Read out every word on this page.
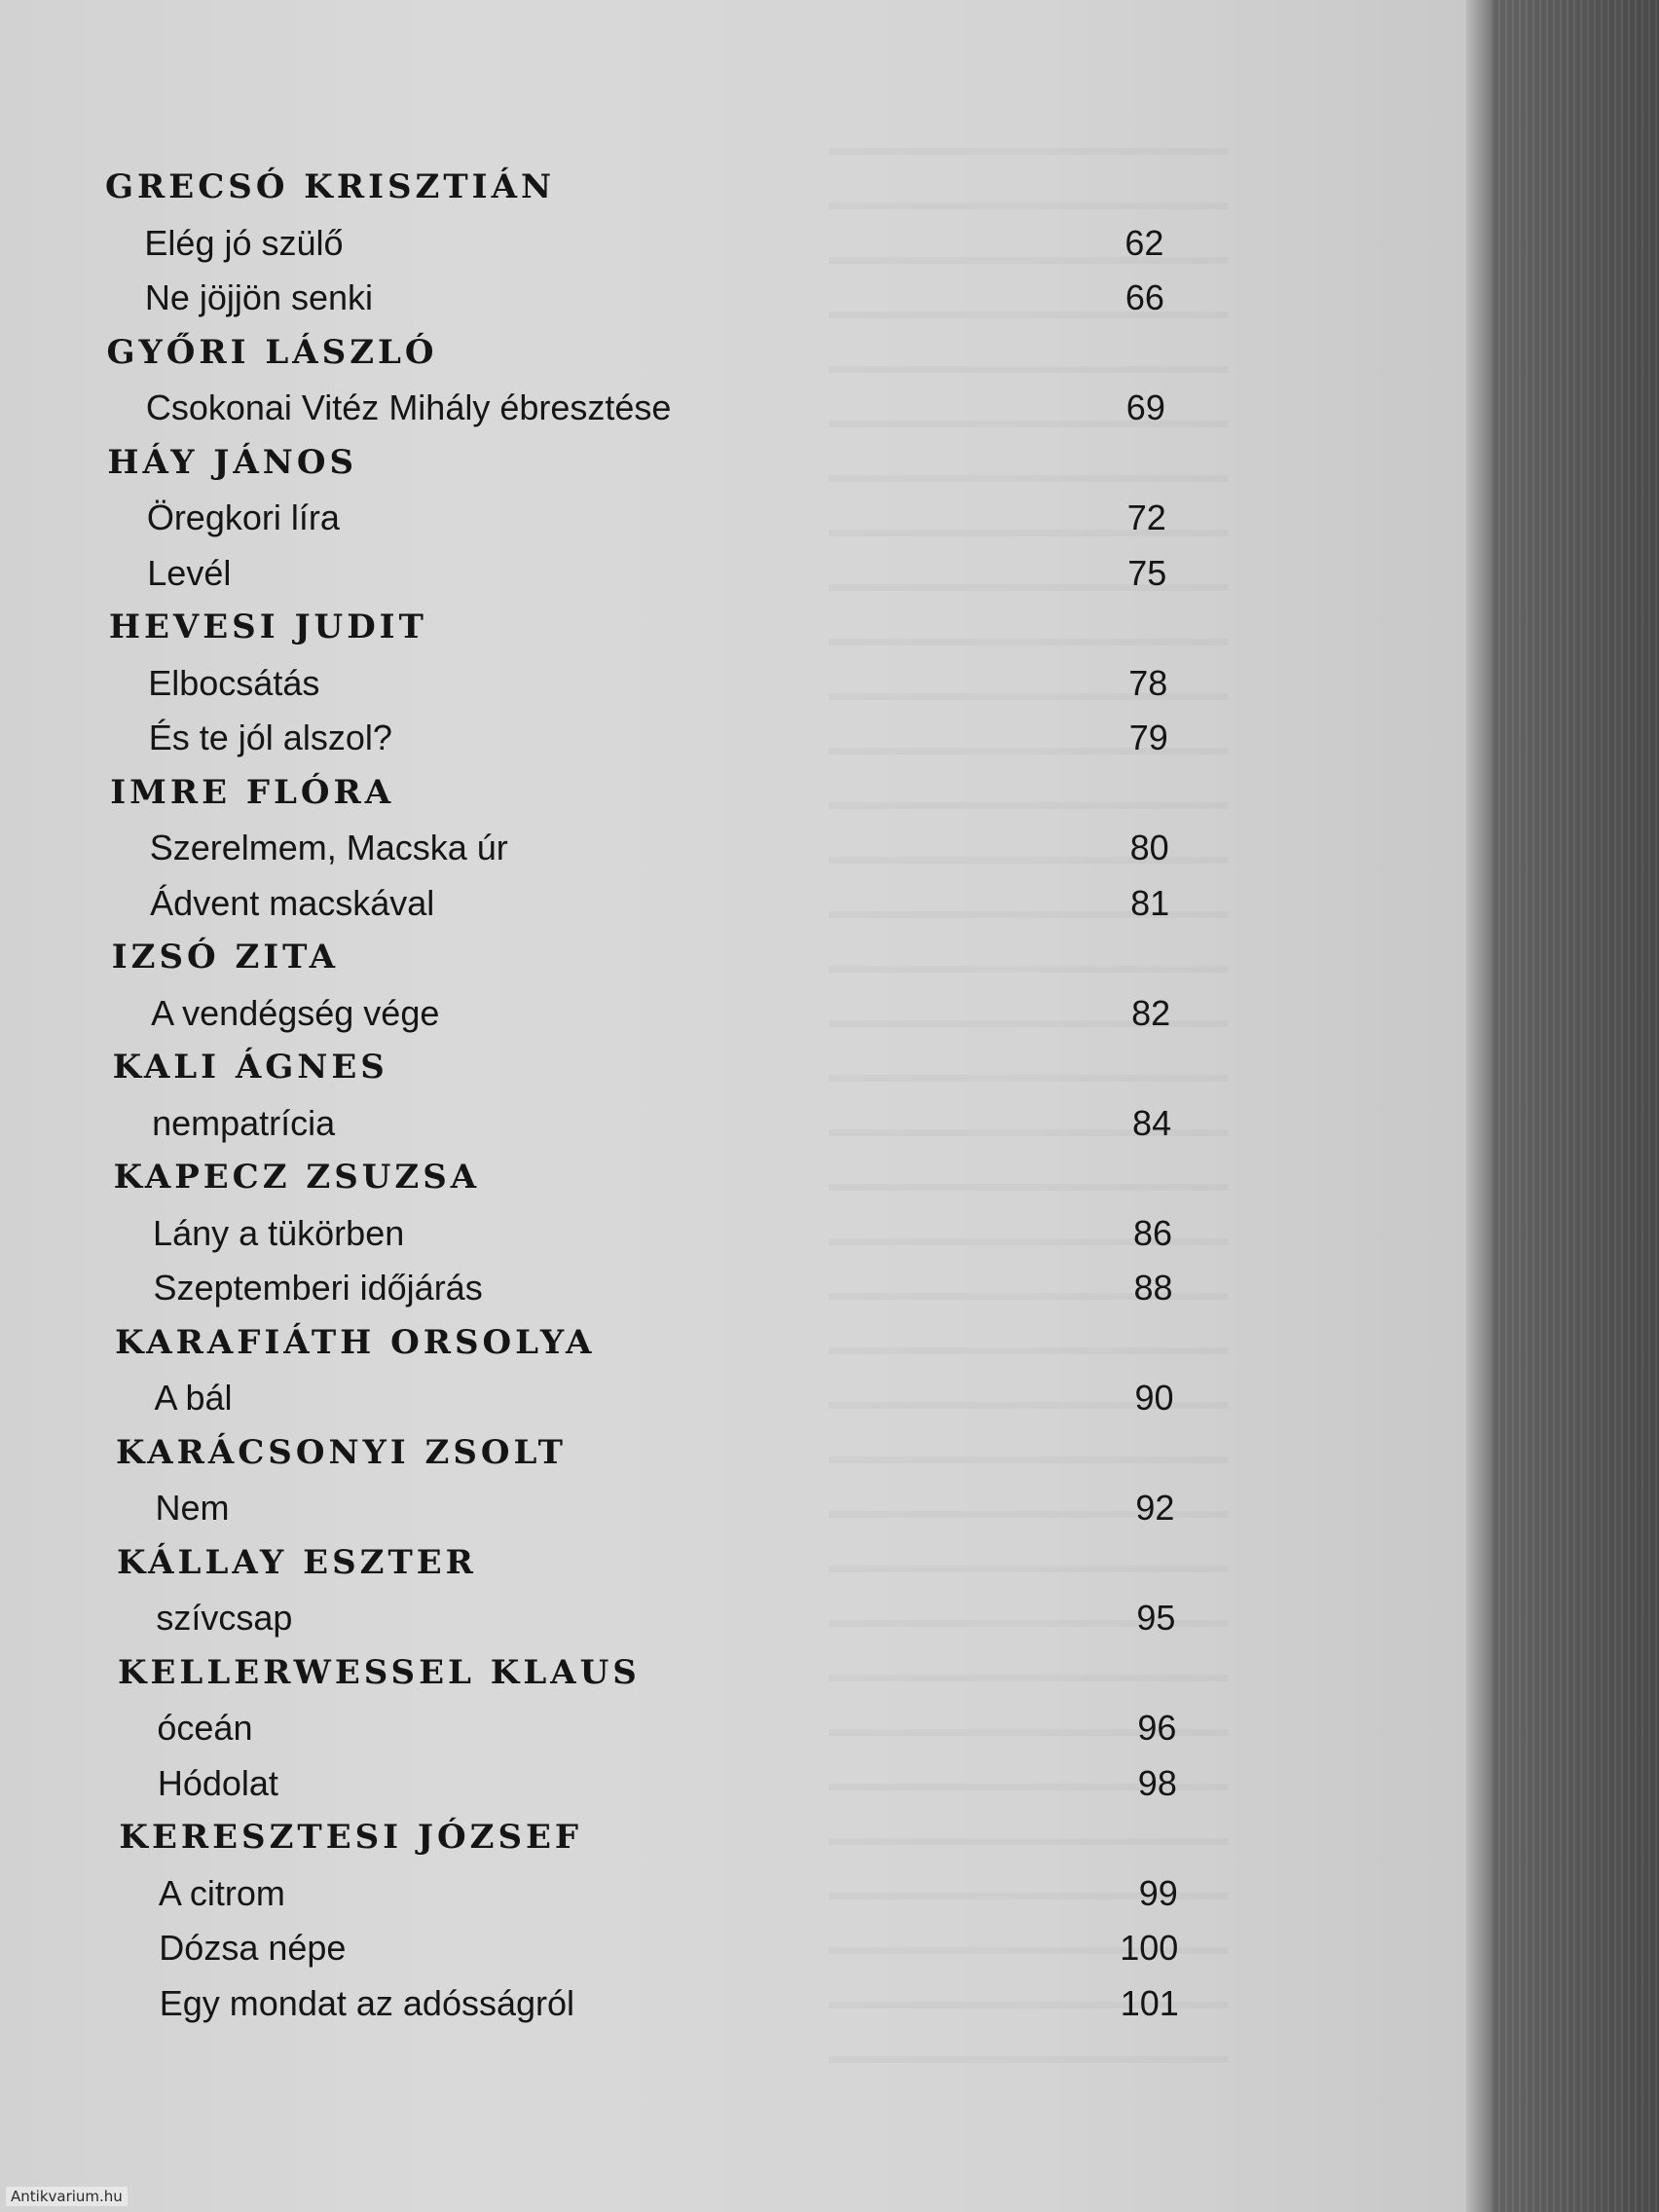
GRECSÓ KRISZTIÁN
Elég jó szülő	62
Ne jöjjön senki	66
GYŐRI LÁSZLÓ
Csokonai Vitéz Mihály ébresztése	69
HÁY JÁNOS
Öregkori líra	72
Levél	75
HEVESI JUDIT
Elbocsátás	78
És te jól alszol?	79
IMRE FLÓRA
Szerelmem, Macska úr	80
Ádvent macskával	81
IZSÓ ZITA
A vendégség vége	82
KALI ÁGNES
nempatrícia	84
KAPECZ ZSUZSA
Lány a tükörben	86
Szeptemberi időjárás	88
KARAFIÁTH ORSOLYA
A bál	90
KARÁCSONYI ZSOLT
Nem	92
KÁLLAY ESZTER
szívcsap	95
KELLERWESSEL KLAUS
óceán	96
Hódolat	98
KERESZTESI JÓZSEF
A citrom	99
Dózsa népe	100
Egy mondat az adósságról	101
Antikvarium.hu
